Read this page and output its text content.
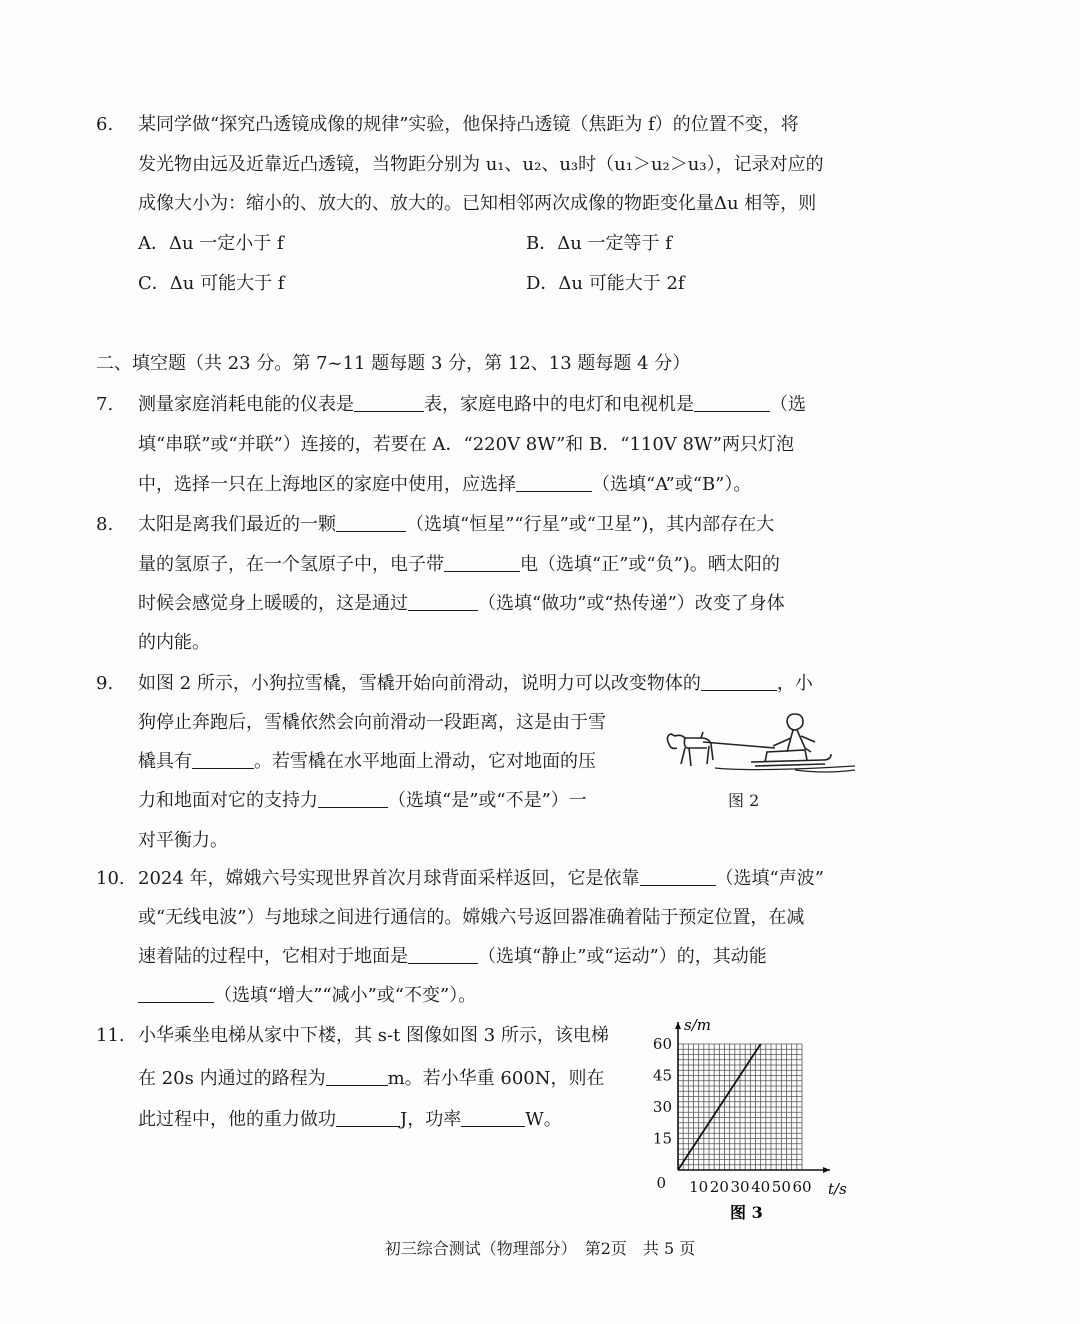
6. 某同学做“探究凸透镜成像的规律”实验，他保持凸透镜（焦距为 f）的位置不变，将
发光物由远及近靠近凸透镜，当物距分别为 u₁、u₂、u₃时（u₁＞u₂＞u₃），记录对应的
成像大小为：缩小的、放大的、放大的。已知相邻两次成像的物距变化量Δu 相等，则
A．Δu 一定小于 f	B．Δu 一定等于 f
C．Δu 可能大于 f	D．Δu 可能大于 2f
二、填空题（共 23 分。第 7~11 题每题 3 分，第 12、13 题每题 4 分）
7. 测量家庭消耗电能的仪表是	表，家庭电路中的电灯和电视机是	（选
填“串联”或“并联”）连接的，若要在 A．“220V 8W”和 B．“110V 8W”两只灯泡
中，选择一只在上海地区的家庭中使用，应选择	（选填“A”或“B”）。
8. 太阳是离我们最近的一颗	（选填“恒星”“行星”或“卫星”)，其内部存在大
量的氢原子，在一个氢原子中，电子带	电（选填“正”或“负”)。晒太阳的
时候会感觉身上暖暖的，这是通过	（选填“做功”或“热传递”）改变了身体
的内能。
9. 如图 2 所示，小狗拉雪橇，雪橇开始向前滑动，说明力可以改变物体的	，小
狗停止奔跑后，雪橇依然会向前滑动一段距离，这是由于雪
橇具有	。若雪橇在水平地面上滑动，它对地面的压
力和地面对它的支持力	（选填“是”或“不是”）一
对平衡力。
图 2
10. 2024 年，嫦娥六号实现世界首次月球背面采样返回，它是依靠	（选填“声波”
或“无线电波”）与地球之间进行通信的。嫦娥六号返回器准确着陆于预定位置，在减
速着陆的过程中，它相对于地面是	（选填“静止”或“运动”）的，其动能
（选填“增大”“减小”或“不变”）。
11. 小华乘坐电梯从家中下楼，其 s-t 图像如图 3 所示，该电梯
在 20s 内通过的路程为	m。若小华重 600N，则在
此过程中，他的重力做功	J，功率	W。
10 20 30 40 50 60
0
15
30
45
60
s/m
t/s
图 3
初三综合测试（物理部分）　第2页　共 5 页
